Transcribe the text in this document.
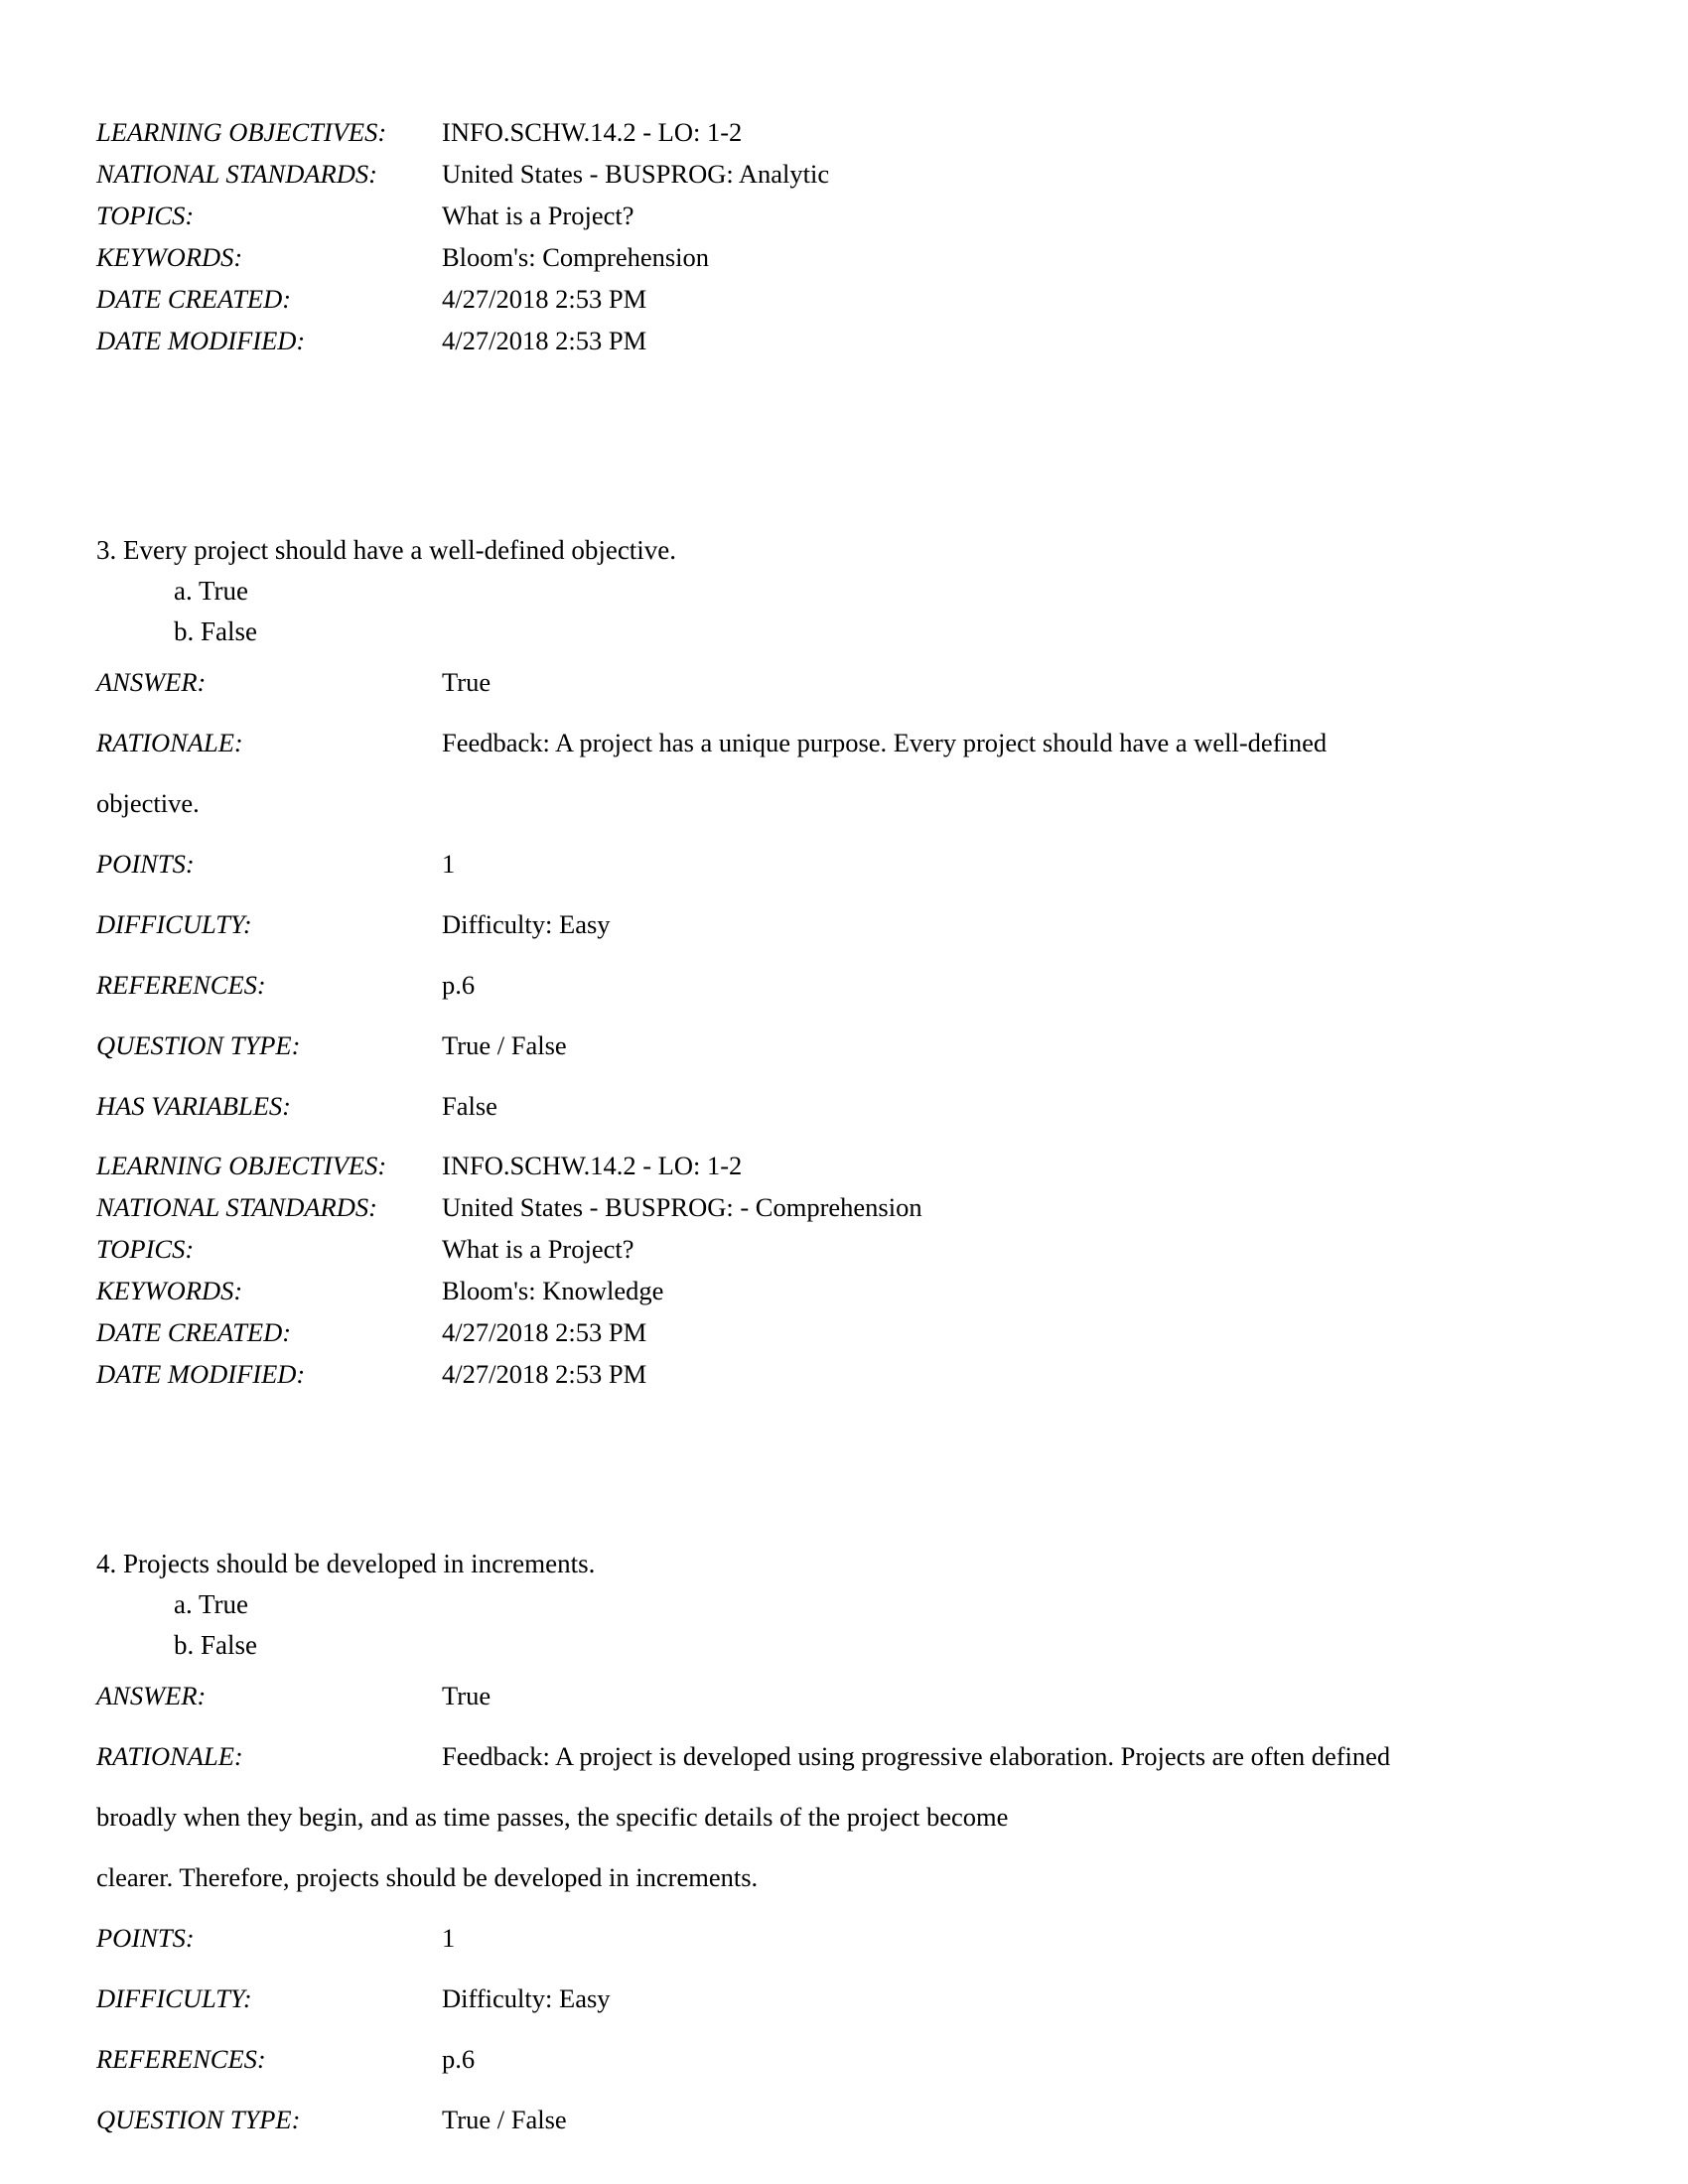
LEARNING OBJECTIVES:	INFO.SCHW.14.2 - LO: 1-2
NATIONAL STANDARDS:	United States - BUSPROG: Analytic
TOPICS:	What is a Project?
KEYWORDS:	Bloom's: Comprehension
DATE CREATED:	4/27/2018 2:53 PM
DATE MODIFIED:	4/27/2018 2:53 PM

3. Every project should have a well-defined objective.

a. True

b. False

ANSWER:	True
RATIONALE:	Feedback: A project has a unique purpose. Every project should have a well-defined

objective.

POINTS:	1
DIFFICULTY:	Difficulty: Easy
REFERENCES:	p.6
QUESTION TYPE:	True / False
HAS VARIABLES:	False
LEARNING OBJECTIVES:	INFO.SCHW.14.2 - LO: 1-2
NATIONAL STANDARDS:	United States - BUSPROG: - Comprehension
TOPICS:	What is a Project?
KEYWORDS:	Bloom's: Knowledge
DATE CREATED:	4/27/2018 2:53 PM
DATE MODIFIED:	4/27/2018 2:53 PM

4. Projects should be developed in increments.

a. True

b. False

ANSWER:	True
RATIONALE:	Feedback: A project is developed using progressive elaboration. Projects are often defined

broadly when they begin, and as time passes, the specific details of the project become

clearer. Therefore, projects should be developed in increments.

POINTS:	1
DIFFICULTY:	Difficulty: Easy
REFERENCES:	p.6
QUESTION TYPE:	True / False
